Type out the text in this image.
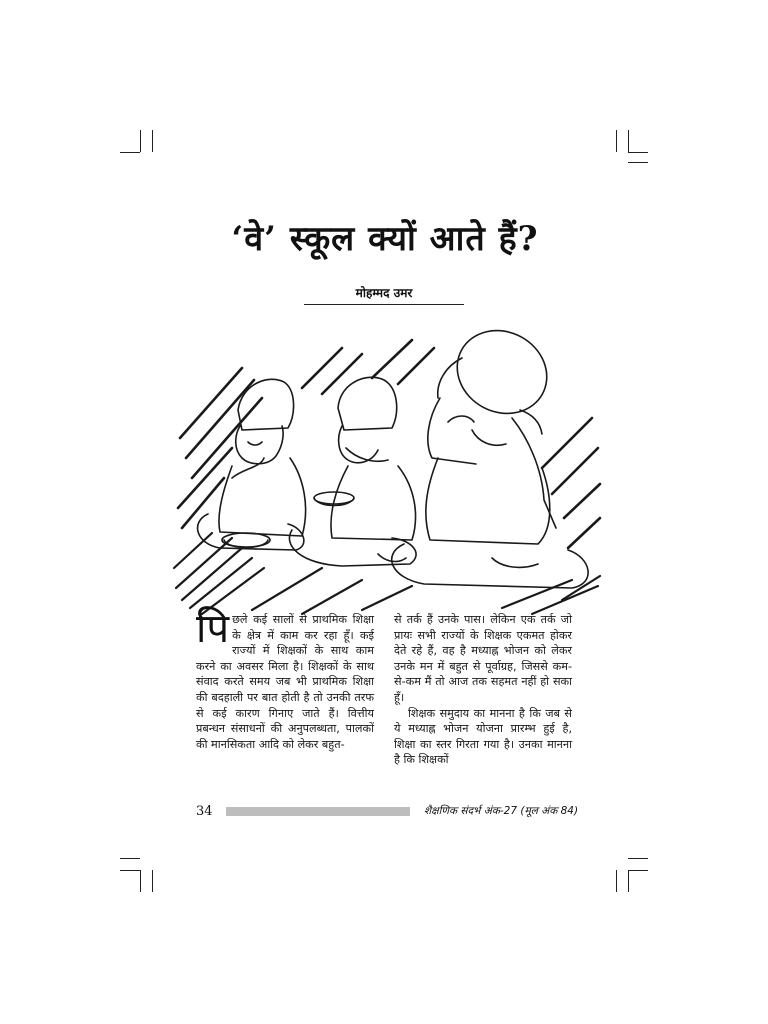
‘वे’ स्कूल क्यों आते हैं?
मोहम्मद उमर

पिछले कई सालों से प्राथमिक शिक्षा के क्षेत्र में काम कर रहा हूँ। कई राज्यों में शिक्षकों के साथ काम करने का अवसर मिला है। शिक्षकों के साथ संवाद करते समय जब भी प्राथमिक शिक्षा की बदहाली पर बात होती है तो उनकी तरफ से कई कारण गिनाए जाते हैं। वित्तीय प्रबन्धन संसाधनों की अनुपलब्धता, पालकों की मानसिकता आदि को लेकर बहुत-

से तर्क हैं उनके पास। लेकिन एक तर्क जो प्रायः सभी राज्यों के शिक्षक एकमत होकर देते रहे हैं, वह है मध्याह्न भोजन को लेकर उनके मन में बहुत से पूर्वाग्रह, जिससे कम-से-कम मैं तो आज तक सहमत नहीं हो सका हूँ।

शिक्षक समुदाय का मानना है कि जब से ये मध्याह्न भोजन योजना प्रारम्भ हुई है, शिक्षा का स्तर गिरता गया है। उनका मानना है कि शिक्षकों

34	शैक्षणिक संदर्भ अंक-27 (मूल अंक 84)
